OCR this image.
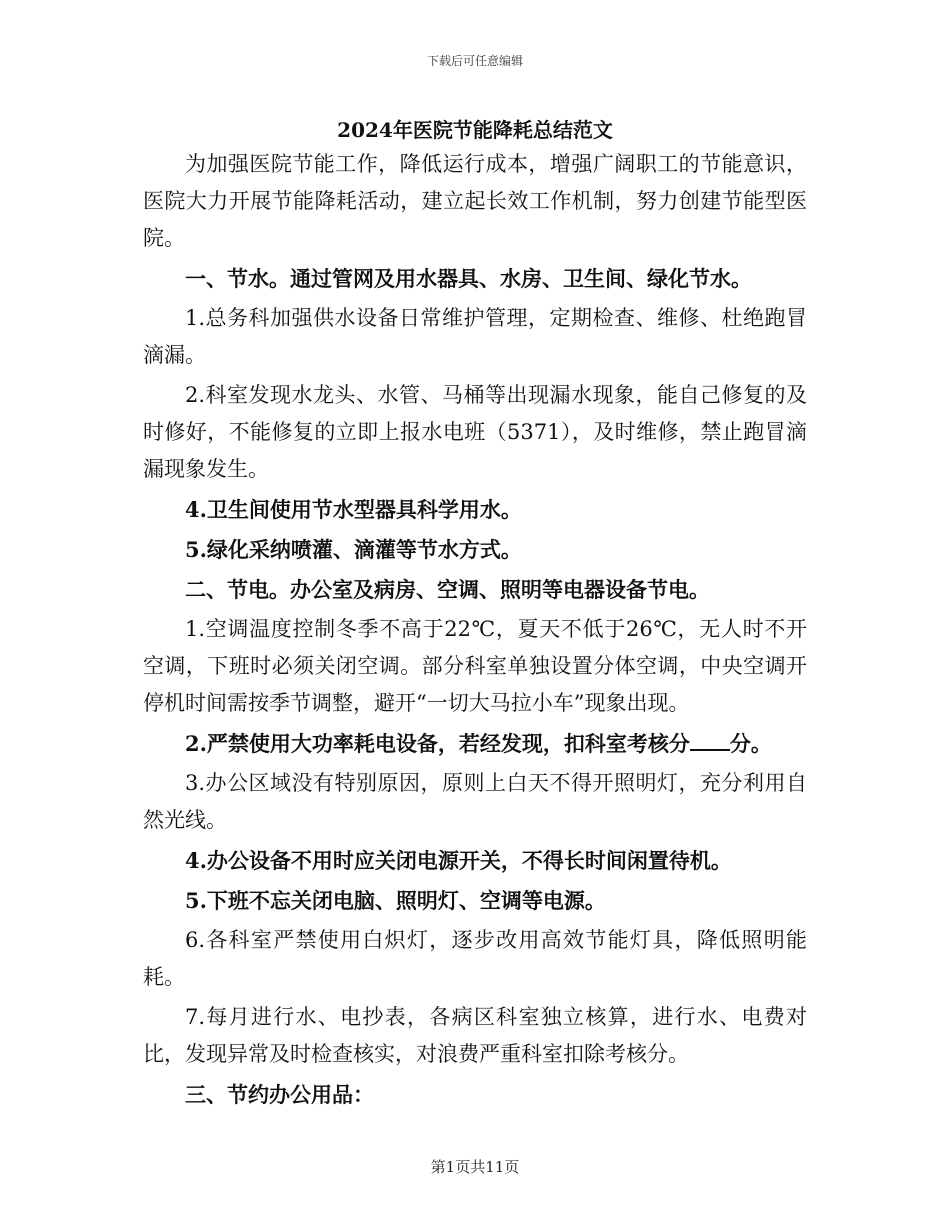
下载后可任意编辑
2024年医院节能降耗总结范文

为加强医院节能工作，降低运行成本，增强广阔职工的节能意识，医院大力开展节能降耗活动，建立起长效工作机制，努力创建节能型医院。

一、节水。通过管网及用水器具、水房、卫生间、绿化节水。

1.总务科加强供水设备日常维护管理，定期检查、维修、杜绝跑冒滴漏。

2.科室发现水龙头、水管、马桶等出现漏水现象，能自己修复的及时修好，不能修复的立即上报水电班（5371），及时维修，禁止跑冒滴漏现象发生。

4.卫生间使用节水型器具科学用水。

5.绿化采纳喷灌、滴灌等节水方式。

二、节电。办公室及病房、空调、照明等电器设备节电。

1.空调温度控制冬季不高于22℃，夏天不低于26℃，无人时不开空调，下班时必须关闭空调。部分科室单独设置分体空调，中央空调开停机时间需按季节调整，避开“一切大马拉小车”现象出现。

2.严禁使用大功率耗电设备，若经发现，扣科室考核分 分。

3.办公区域没有特别原因，原则上白天不得开照明灯，充分利用自然光线。

4.办公设备不用时应关闭电源开关，不得长时间闲置待机。

5.下班不忘关闭电脑、照明灯、空调等电源。

6.各科室严禁使用白炽灯，逐步改用高效节能灯具，降低照明能耗。

7.每月进行水、电抄表，各病区科室独立核算，进行水、电费对比，发现异常及时检查核实，对浪费严重科室扣除考核分。

三、节约办公用品：

第1页共11页
